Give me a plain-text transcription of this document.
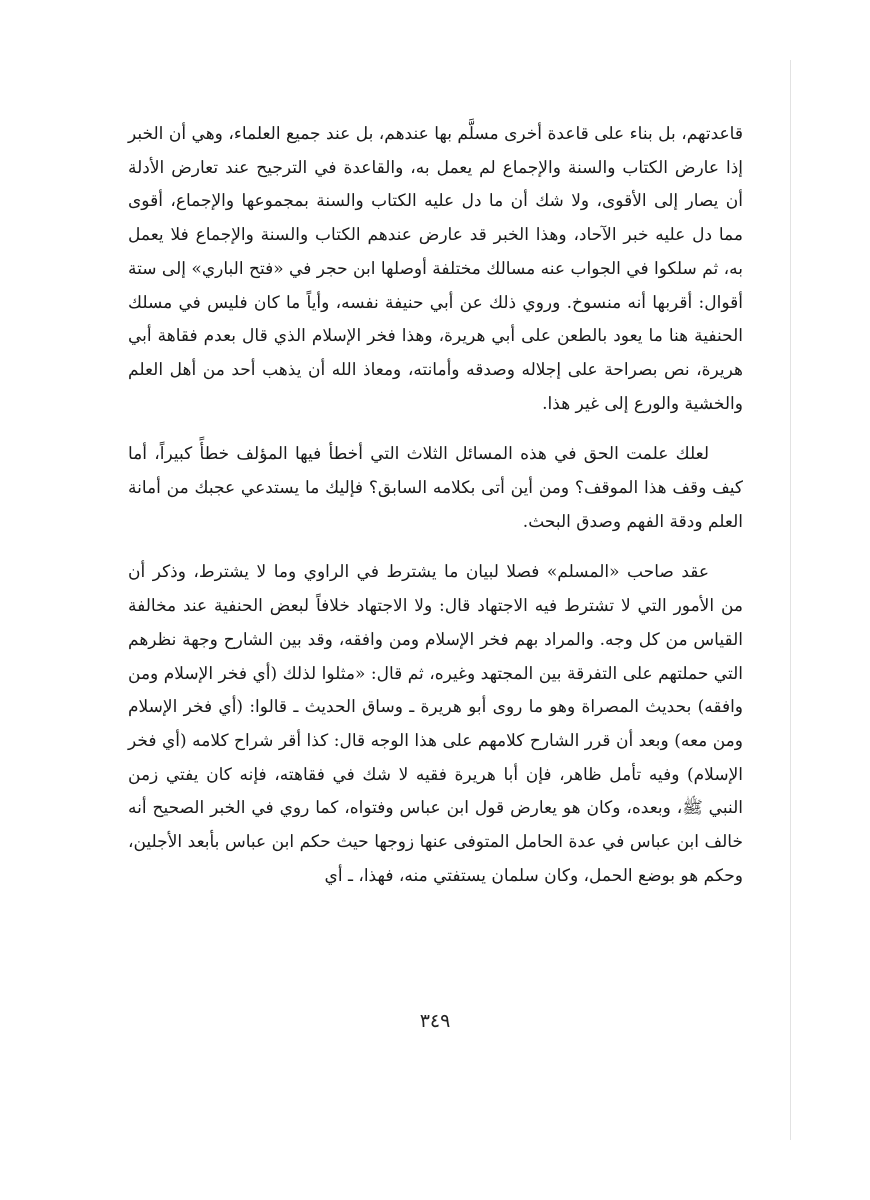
قاعدتهم، بل بناء على قاعدة أخرى مسلَّم بها عندهم، بل عند جميع العلماء، وهي أن الخبر إذا عارض الكتاب والسنة والإجماع لم يعمل به، والقاعدة في الترجيح عند تعارض الأدلة أن يصار إلى الأقوى، ولا شك أن ما دل عليه الكتاب والسنة بمجموعها والإجماع، أقوى مما دل عليه خبر الآحاد، وهذا الخبر قد عارض عندهم الكتاب والسنة والإجماع فلا يعمل به، ثم سلكوا في الجواب عنه مسالك مختلفة أوصلها ابن حجر في «فتح الباري» إلى ستة أقوال: أقربها أنه منسوخ. وروي ذلك عن أبي حنيفة نفسه، وأياً ما كان فليس في مسلك الحنفية هنا ما يعود بالطعن على أبي هريرة، وهذا فخر الإسلام الذي قال بعدم فقاهة أبي هريرة، نص بصراحة على إجلاله وصدقه وأمانته، ومعاذ الله أن يذهب أحد من أهل العلم والخشية والورع إلى غير هذا.

لعلك علمت الحق في هذه المسائل الثلاث التي أخطأ فيها المؤلف خطأً كبيراً، أما كيف وقف هذا الموقف؟ ومن أين أتى بكلامه السابق؟ فإليك ما يستدعي عجبك من أمانة العلم ودقة الفهم وصدق البحث.

عقد صاحب «المسلم» فصلا لبيان ما يشترط في الراوي وما لا يشترط، وذكر أن من الأمور التي لا تشترط فيه الاجتهاد قال: ولا الاجتهاد خلافاً لبعض الحنفية عند مخالفة القياس من كل وجه. والمراد بهم فخر الإسلام ومن وافقه، وقد بين الشارح وجهة نظرهم التي حملتهم على التفرقة بين المجتهد وغيره، ثم قال: «مثلوا لذلك (أي فخر الإسلام ومن وافقه) بحديث المصراة وهو ما روى أبو هريرة ـ وساق الحديث ـ قالوا: (أي فخر الإسلام ومن معه) وبعد أن قرر الشارح كلامهم على هذا الوجه قال: كذا أقر شراح كلامه (أي فخر الإسلام) وفيه تأمل ظاهر، فإن أبا هريرة فقيه لا شك في فقاهته، فإنه كان يفتي زمن النبي ﷺ، وبعده، وكان هو يعارض قول ابن عباس وفتواه، كما روي في الخبر الصحيح أنه خالف ابن عباس في عدة الحامل المتوفى عنها زوجها حيث حكم ابن عباس بأبعد الأجلين، وحكم هو بوضع الحمل، وكان سلمان يستفتي منه، فهذا، ـ أي

٣٤٩
